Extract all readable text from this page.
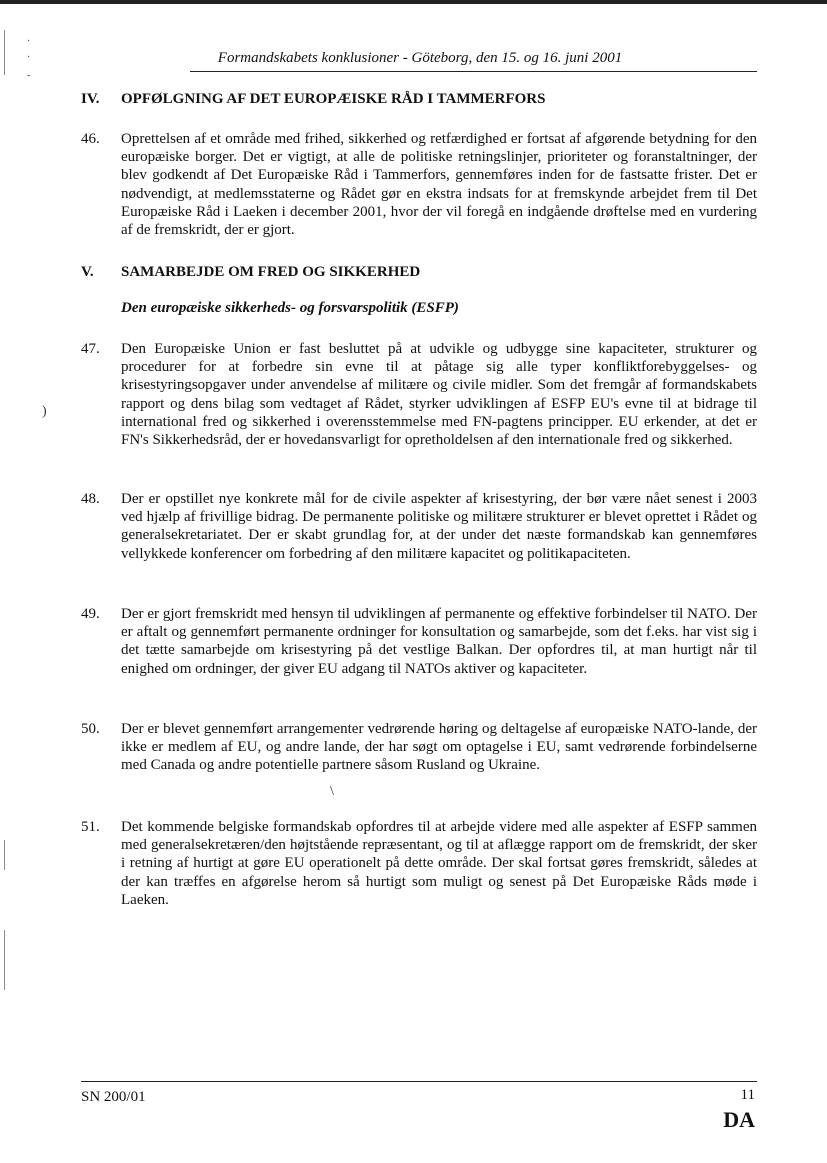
·
·
-
)
\
Formandskabets konklusioner - Göteborg, den 15. og 16. juni 2001
IV. OPFØLGNING AF DET EUROPÆISKE RÅD I TAMMERFORS
46.	Oprettelsen af et område med frihed, sikkerhed og retfærdighed er fortsat af afgørende betydning for den europæiske borger. Det er vigtigt, at alle de politiske retningslinjer, prioriteter og foranstaltninger, der blev godkendt af Det Europæiske Råd i Tammerfors, gennemføres inden for de fastsatte frister. Det er nødvendigt, at medlemsstaterne og Rådet gør en ekstra indsats for at fremskynde arbejdet frem til Det Europæiske Råd i Laeken i december 2001, hvor der vil foregå en indgående drøftelse med en vurdering af de fremskridt, der er gjort.
V. SAMARBEJDE OM FRED OG SIKKERHED
Den europæiske sikkerheds- og forsvarspolitik (ESFP)
47.	Den Europæiske Union er fast besluttet på at udvikle og udbygge sine kapaciteter, strukturer og procedurer for at forbedre sin evne til at påtage sig alle typer konfliktforebyggelses- og krisestyringsopgaver under anvendelse af militære og civile midler. Som det fremgår af formandskabets rapport og dens bilag som vedtaget af Rådet, styrker udviklingen af ESFP EU's evne til at bidrage til international fred og sikkerhed i overensstemmelse med FN-pagtens principper. EU erkender, at det er FN's Sikkerhedsråd, der er hovedansvarligt for opretholdelsen af den internationale fred og sikkerhed.
48.	Der er opstillet nye konkrete mål for de civile aspekter af krisestyring, der bør være nået senest i 2003 ved hjælp af frivillige bidrag. De permanente politiske og militære strukturer er blevet oprettet i Rådet og generalsekretariatet. Der er skabt grundlag for, at der under det næste formandskab kan gennemføres vellykkede konferencer om forbedring af den militære kapacitet og politikapaciteten.
49.	Der er gjort fremskridt med hensyn til udviklingen af permanente og effektive forbindelser til NATO. Der er aftalt og gennemført permanente ordninger for konsultation og samarbejde, som det f.eks. har vist sig i det tætte samarbejde om krisestyring på det vestlige Balkan. Der opfordres til, at man hurtigt når til enighed om ordninger, der giver EU adgang til NATOs aktiver og kapaciteter.
50.	Der er blevet gennemført arrangementer vedrørende høring og deltagelse af europæiske NATO-lande, der ikke er medlem af EU, og andre lande, der har søgt om optagelse i EU, samt vedrørende forbindelserne med Canada og andre potentielle partnere såsom Rusland og Ukraine.
51.	Det kommende belgiske formandskab opfordres til at arbejde videre med alle aspekter af ESFP sammen med generalsekretæren/den højtstående repræsentant, og til at aflægge rapport om de fremskridt, der sker i retning af hurtigt at gøre EU operationelt på dette område. Der skal fortsat gøres fremskridt, således at der kan træffes en afgørelse herom så hurtigt som muligt og senest på Det Europæiske Råds møde i Laeken.
SN 200/01	11
DA
